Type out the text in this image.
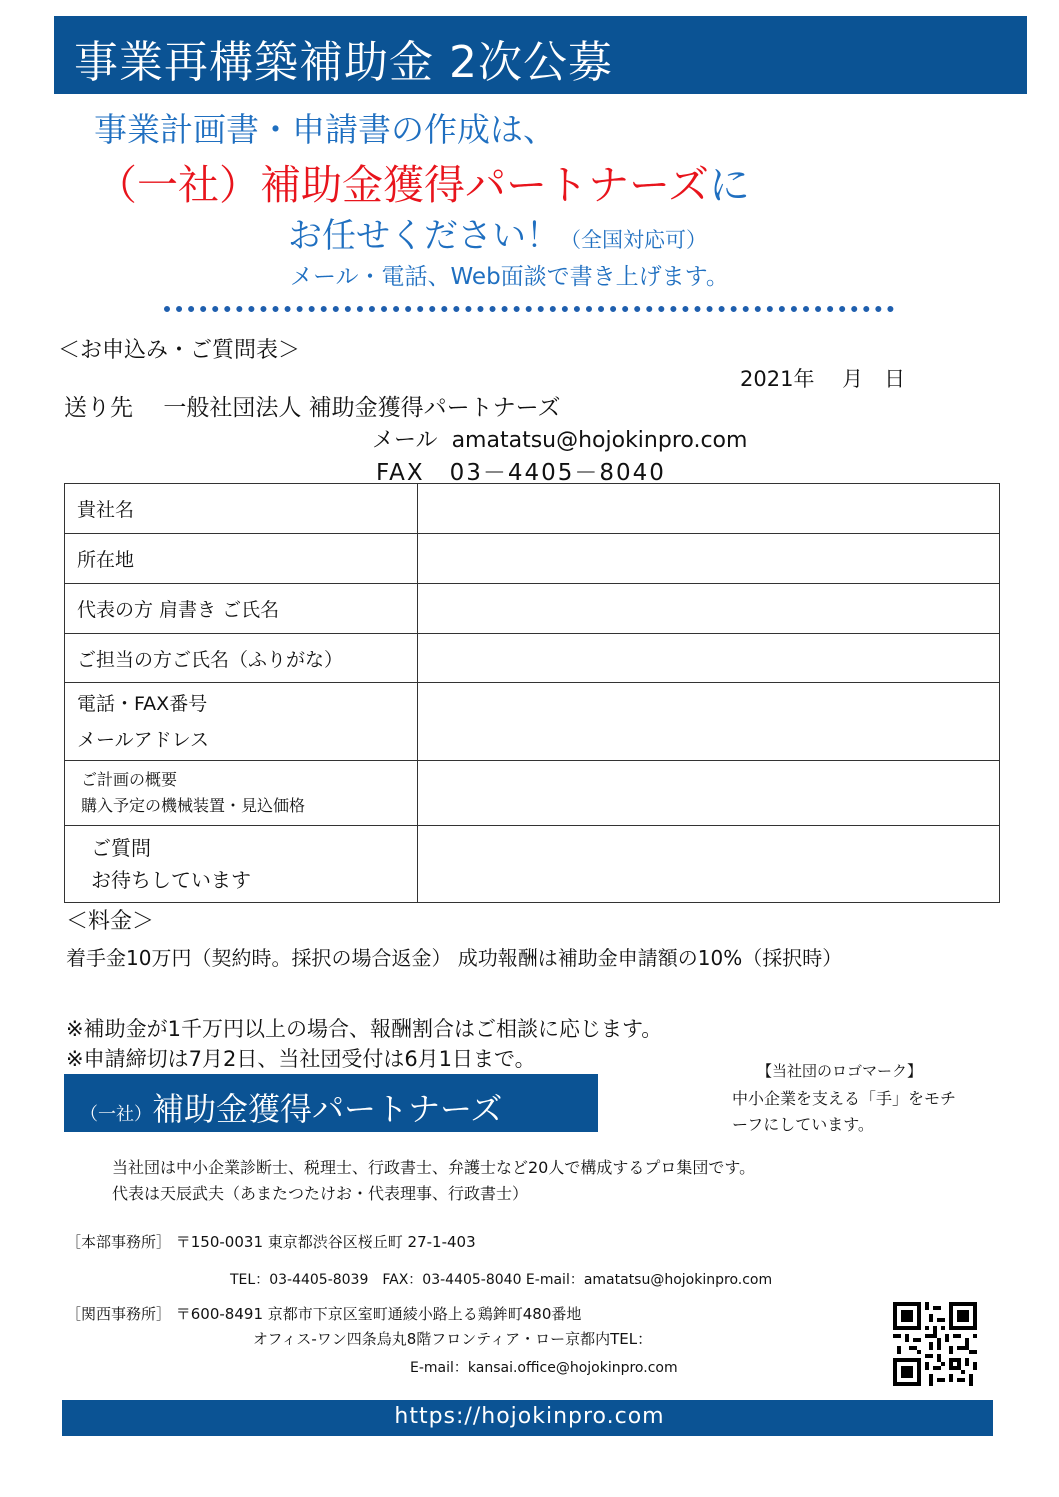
事業再構築補助金 2次公募
事業計画書・申請書の作成は、
（一社）補助金獲得パートナーズに
お任せください！（全国対応可）
メール・電話、Web面談で書き上げます。
＜お申込み・ご質問表＞
2021年　 月　日
送り先  一般社団法人 補助金獲得パートナーズ
メール amatatsu@hojokinpro.com
FAX  03－4405－8040
貴社名	
所在地	
代表の方 肩書き ご氏名	
ご担当の方ご氏名（ふりがな）	

電話・FAX番号
メールアドレス	

ご計画の概要
購入予定の機械装置・見込価格	

ご質問
お待ちしています	

＜料金＞
着手金10万円（契約時。採択の場合返金） 成功報酬は補助金申請額の10%（採択時）
※補助金が1千万円以上の場合、報酬割合はご相談に応じます。
※申請締切は7月2日、当社団受付は6月1日まで。
（一社）補助金獲得パートナーズ
【当社団のロゴマーク】
中小企業を支える「手」をモチーフにしています。
当社団は中小企業診断士、税理士、行政書士、弁護士など20人で構成するプロ集団です。
代表は天辰武夫（あまたつたけお・代表理事、行政書士）
［本部事務所］ 〒150-0031 東京都渋谷区桜丘町 27-1-403
TEL：03-4405-8039　FAX：03-4405-8040 E-mail：amatatsu@hojokinpro.com
［関西事務所］ 〒600-8491 京都市下京区室町通綾小路上る鶏鉾町480番地
オフィス-ワン四条烏丸8階フロンティア・ロー京都内TEL：
E-mail：kansai.office@hojokinpro.com
https://hojokinpro.com
